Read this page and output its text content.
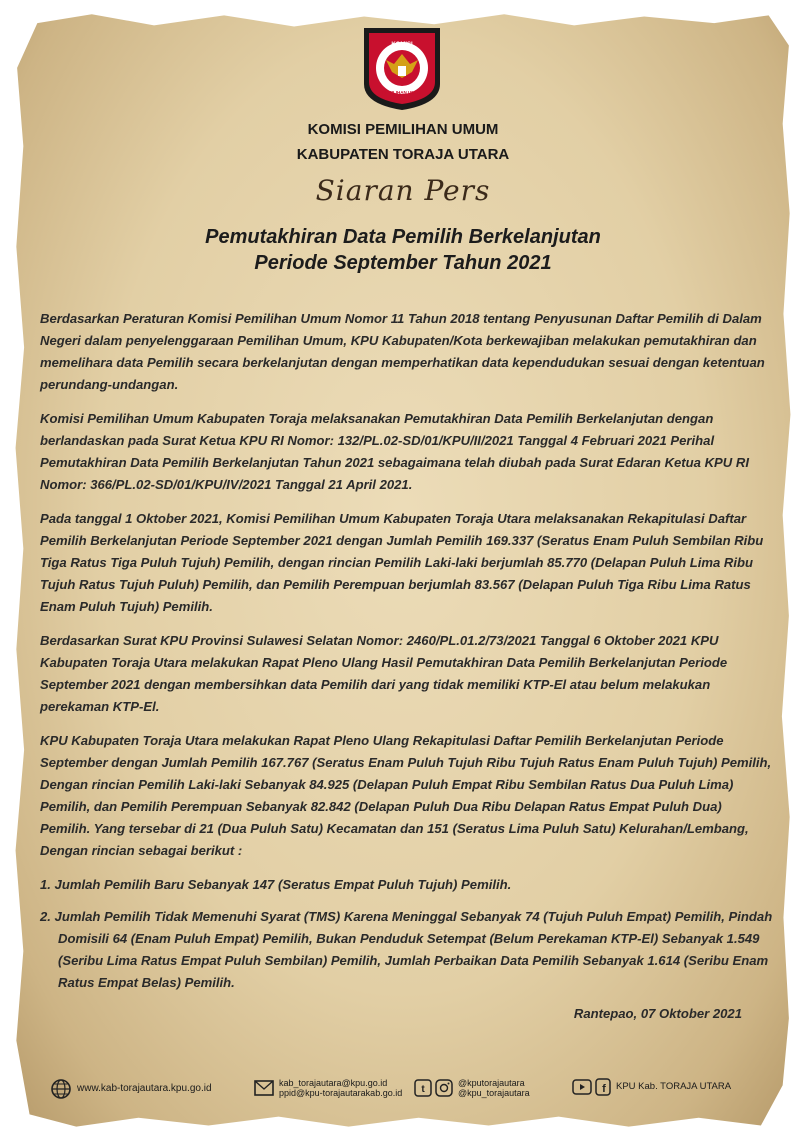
KOMISI
PEMILIHAN UMUM
KOMISI PEMILIHAN UMUM
KABUPATEN TORAJA UTARA
Siaran Pers
Pemutakhiran Data Pemilih Berkelanjutan
Periode September Tahun 2021

Berdasarkan Peraturan Komisi Pemilihan Umum Nomor 11 Tahun 2018 tentang Penyusunan Daftar Pemilih di Dalam Negeri dalam penyelenggaraan Pemilihan Umum, KPU Kabupaten/Kota berkewajiban melakukan pemutakhiran dan memelihara data Pemilih secara berkelanjutan dengan memperhatikan data kependudukan sesuai dengan ketentuan perundang-undangan.

Komisi Pemilihan Umum Kabupaten Toraja melaksanakan Pemutakhiran Data Pemilih Berkelanjutan dengan berlandaskan pada Surat Ketua KPU RI Nomor: 132/PL.02-SD/01/KPU/II/2021 Tanggal 4 Februari 2021 Perihal Pemutakhiran Data Pemilih Berkelanjutan Tahun 2021 sebagaimana telah diubah pada Surat Edaran Ketua KPU RI Nomor: 366/PL.02-SD/01/KPU/IV/2021 Tanggal 21 April 2021.

Pada tanggal 1 Oktober 2021, Komisi Pemilihan Umum Kabupaten Toraja Utara melaksanakan Rekapitulasi Daftar Pemilih Berkelanjutan Periode September 2021 dengan Jumlah Pemilih 169.337 (Seratus Enam Puluh Sembilan Ribu Tiga Ratus Tiga Puluh Tujuh) Pemilih, dengan rincian Pemilih Laki-laki berjumlah 85.770 (Delapan Puluh Lima Ribu Tujuh Ratus Tujuh Puluh) Pemilih, dan Pemilih Perempuan berjumlah 83.567 (Delapan Puluh Tiga Ribu Lima Ratus Enam Puluh Tujuh) Pemilih.

Berdasarkan Surat KPU Provinsi Sulawesi Selatan Nomor: 2460/PL.01.2/73/2021 Tanggal 6 Oktober 2021 KPU Kabupaten Toraja Utara melakukan Rapat Pleno Ulang Hasil Pemutakhiran Data Pemilih Berkelanjutan Periode September 2021 dengan membersihkan data Pemilih dari yang tidak memiliki KTP-El atau belum melakukan perekaman KTP-El.

KPU Kabupaten Toraja Utara melakukan Rapat Pleno Ulang Rekapitulasi Daftar Pemilih Berkelanjutan Periode September dengan Jumlah Pemilih 167.767 (Seratus Enam Puluh Tujuh Ribu Tujuh Ratus Enam Puluh Tujuh) Pemilih, Dengan rincian Pemilih Laki-laki Sebanyak 84.925 (Delapan Puluh Empat Ribu Sembilan Ratus Dua Puluh Lima) Pemilih, dan Pemilih Perempuan Sebanyak 82.842 (Delapan Puluh Dua Ribu Delapan Ratus Empat Puluh Dua) Pemilih. Yang tersebar di 21 (Dua Puluh Satu) Kecamatan dan 151 (Seratus Lima Puluh Satu) Kelurahan/Lembang, Dengan rincian sebagai berikut :

1. Jumlah Pemilih Baru Sebanyak 147 (Seratus Empat Puluh Tujuh) Pemilih.
2. Jumlah Pemilih Tidak Memenuhi Syarat (TMS) Karena Meninggal Sebanyak 74 (Tujuh Puluh Empat) Pemilih, Pindah Domisili 64 (Enam Puluh Empat) Pemilih, Bukan Penduduk Setempat (Belum Perekaman KTP-El) Sebanyak 1.549 (Seribu Lima Ratus Empat Puluh Sembilan) Pemilih, Jumlah Perbaikan Data Pemilih Sebanyak 1.614 (Seribu Enam Ratus Empat Belas) Pemilih.
Rantepao, 07 Oktober 2021
www.kab-torajautara.kpu.go.id	kab_torajautara@kpu.go.id
ppid@kpu-torajautarakab.go.id t
@kputorajautara
@kpu_torajautara	f KPU Kab. TORAJA UTARA
